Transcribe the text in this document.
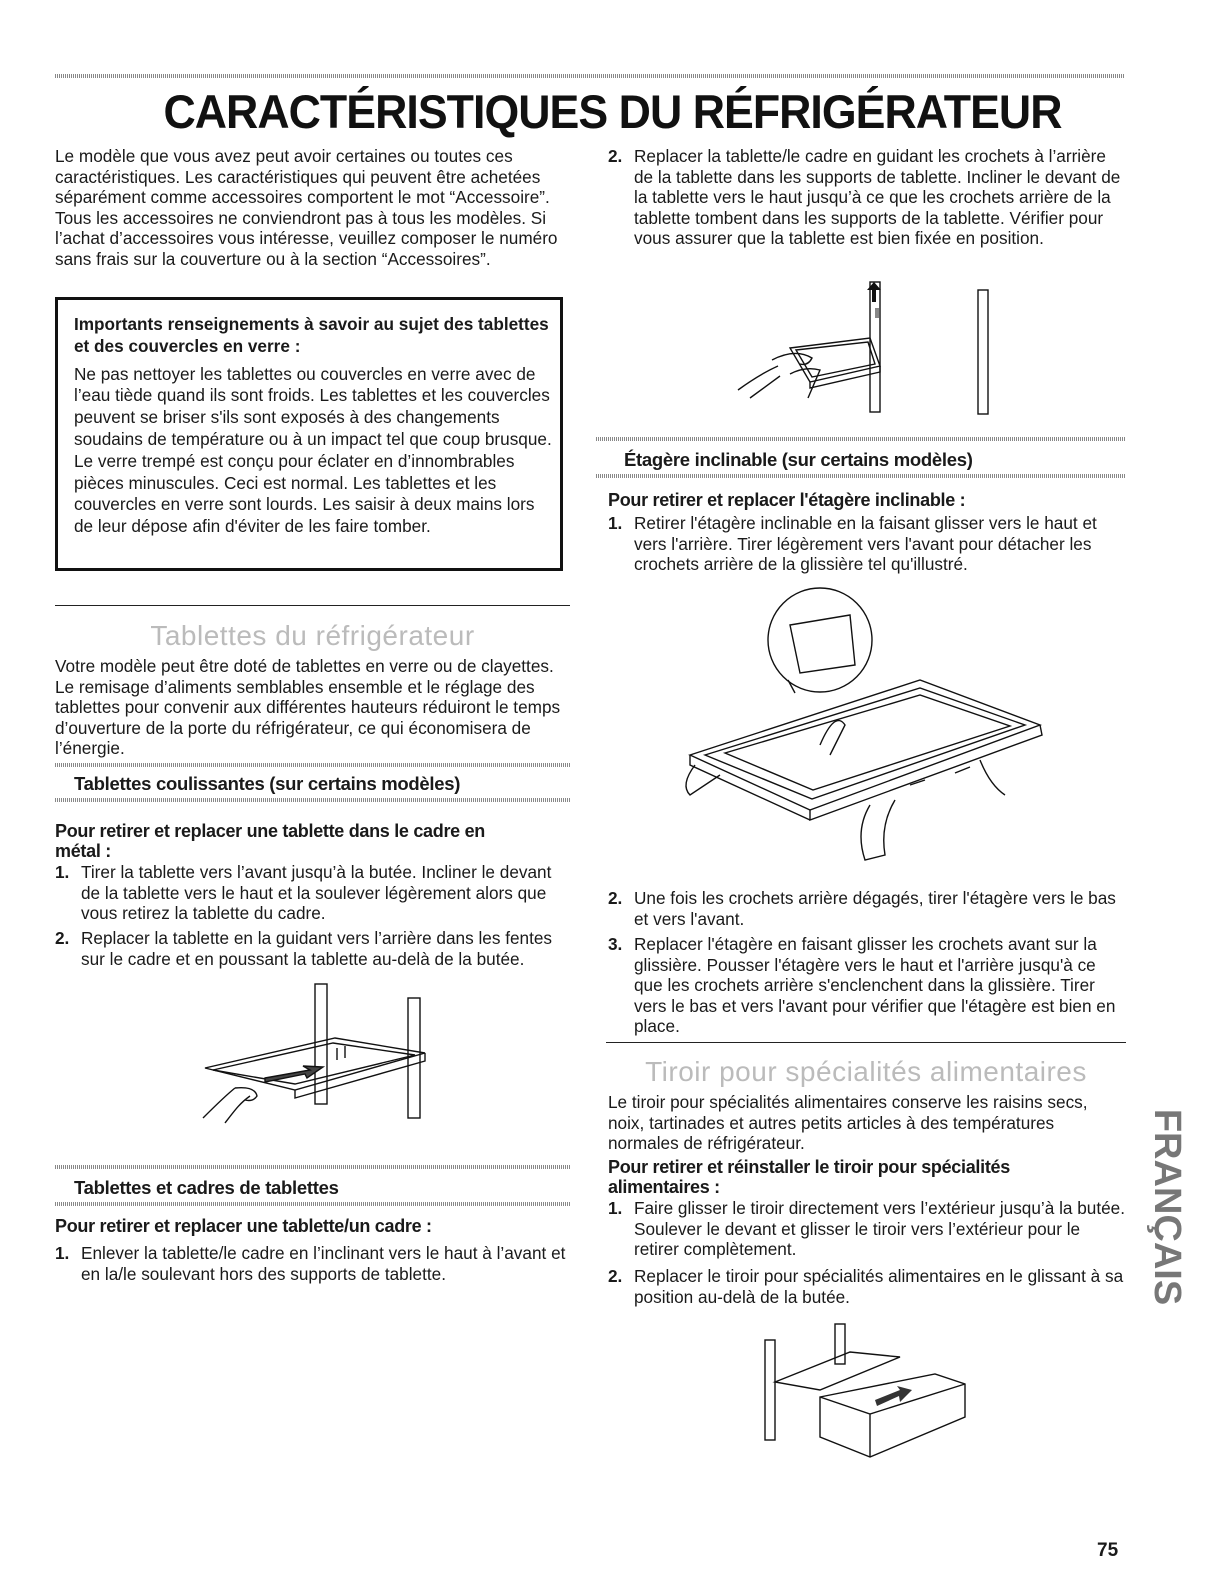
CARACTÉRISTIQUES DU RÉFRIGÉRATEUR

Le modèle que vous avez peut avoir certaines ou toutes ces caractéristiques. Les caractéristiques qui peuvent être achetées séparément comme accessoires comportent le mot “Accessoire”. Tous les accessoires ne conviendront pas à tous les modèles. Si l’achat d’accessoires vous intéresse, veuillez composer le numéro sans frais sur la couverture ou à la section “Accessoires”.

Importants renseignements à savoir au sujet des tablettes et des couvercles en verre :

Ne pas nettoyer les tablettes ou couvercles en verre avec de l’eau tiède quand ils sont froids. Les tablettes et les couvercles peuvent se briser s'ils sont exposés à des changements soudains de température ou à un impact tel que coup brusque. Le verre trempé est conçu pour éclater en d’innombrables pièces minuscules. Ceci est normal. Les tablettes et les couvercles en verre sont lourds. Les saisir à deux mains lors de leur dépose afin d'éviter de les faire tomber.

Tablettes du réfrigérateur

Votre modèle peut être doté de tablettes en verre ou de clayettes. Le remisage d’aliments semblables ensemble et le réglage des tablettes pour convenir aux différentes hauteurs réduiront le temps d’ouverture de la porte du réfrigérateur, ce qui économisera de l’énergie.

Tablettes coulissantes (sur certains modèles)
Pour retirer et replacer une tablette dans le cadre en métal :
1. Tirer la tablette vers l’avant jusqu’à la butée. Incliner le devant de la tablette vers le haut et la soulever légèrement alors que vous retirez la tablette du cadre.
2. Replacer la tablette en la guidant vers l’arrière dans les fentes sur le cadre et en poussant la tablette au-delà de la butée.
Tablettes et cadres de tablettes
Pour retirer et replacer une tablette/un cadre :
1. Enlever la tablette/le cadre en l’inclinant vers le haut à l’avant et en la/le soulevant hors des supports de tablette.
2. Replacer la tablette/le cadre en guidant les crochets à l’arrière de la tablette dans les supports de tablette. Incliner le devant de la tablette vers le haut jusqu’à ce que les crochets arrière de la tablette tombent dans les supports de la tablette. Vérifier pour vous assurer que la tablette est bien fixée en position.
Étagère inclinable (sur certains modèles)
Pour retirer et replacer l'étagère inclinable :
1. Retirer l'étagère inclinable en la faisant glisser vers le haut et vers l'arrière. Tirer légèrement vers l'avant pour détacher les crochets arrière de la glissière tel qu'illustré.
2. Une fois les crochets arrière dégagés, tirer l'étagère vers le bas et vers l'avant.
3. Replacer l'étagère en faisant glisser les crochets avant sur la glissière. Pousser l'étagère vers le haut et l'arrière jusqu'à ce que les crochets arrière s'enclenchent dans la glissière. Tirer vers le bas et vers l'avant pour vérifier que l'étagère est bien en place.
Tiroir pour spécialités alimentaires

Le tiroir pour spécialités alimentaires conserve les raisins secs, noix, tartinades et autres petits articles à des températures normales de réfrigérateur.

Pour retirer et réinstaller le tiroir pour spécialités alimentaires :
1. Faire glisser le tiroir directement vers l’extérieur jusqu’à la butée. Soulever le devant et glisser le tiroir vers l’extérieur pour le retirer complètement.
2. Replacer le tiroir pour spécialités alimentaires en le glissant à sa position au-delà de la butée.	FRANÇAIS
75
